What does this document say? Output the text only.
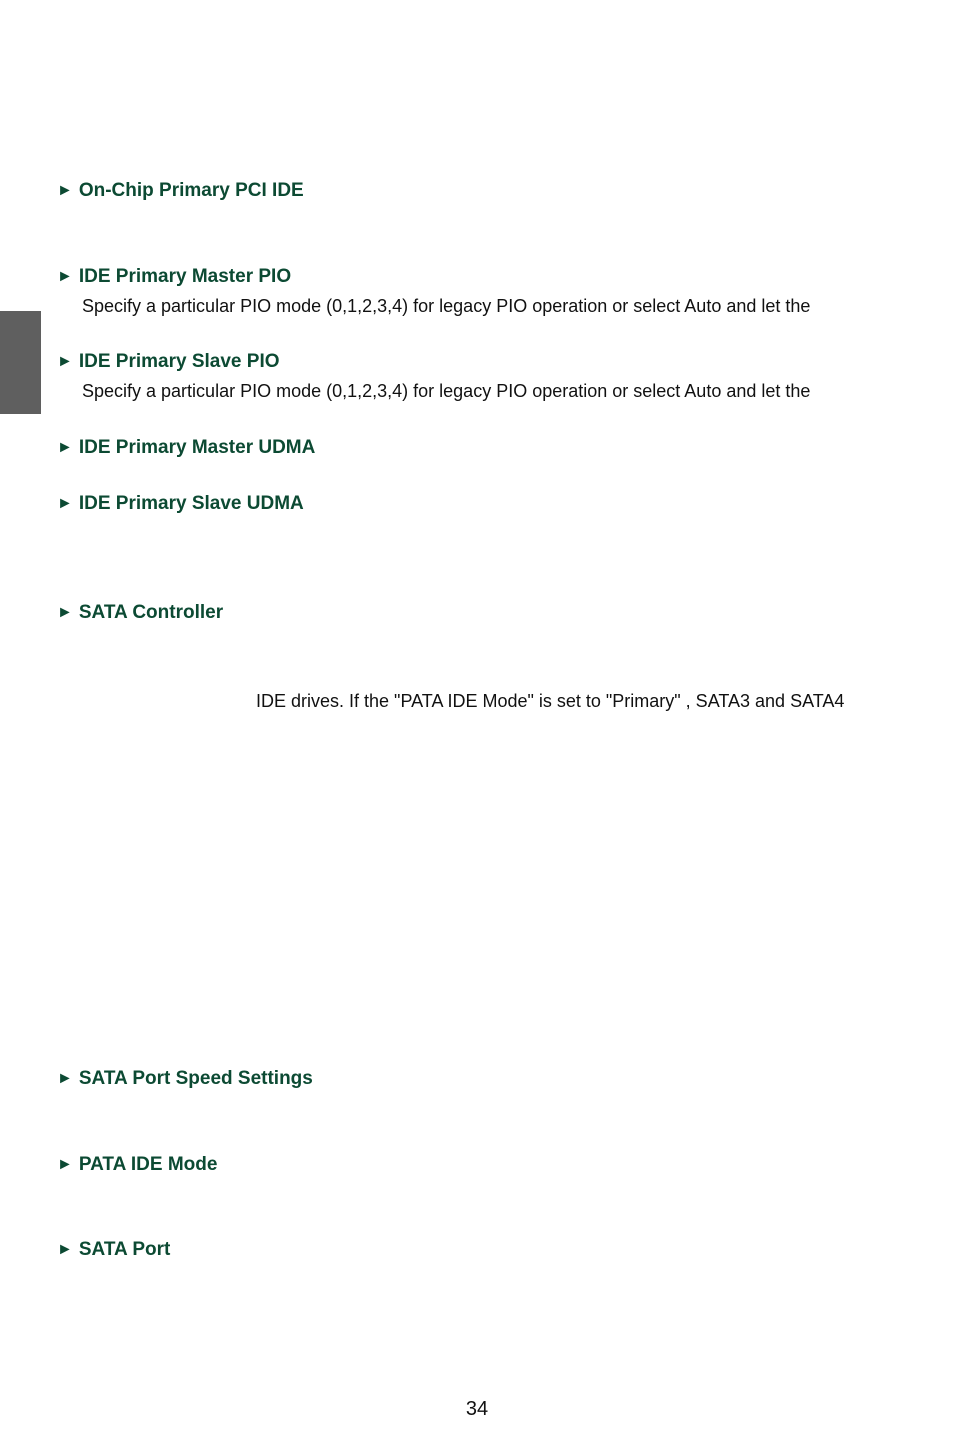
► On-Chip Primary PCI IDE
► IDE Primary Master PIO
Specify a particular PIO mode (0,1,2,3,4) for legacy PIO operation or select Auto and let the
► IDE Primary Slave PIO
Specify a particular PIO mode (0,1,2,3,4) for legacy PIO operation or select Auto and let the
► IDE Primary Master UDMA
► IDE Primary Slave UDMA
► SATA Controller
IDE drives. If the "PATA IDE Mode" is set to "Primary" , SATA3 and SATA4
► SATA Port Speed Settings
► PATA IDE Mode
► SATA Port
34
